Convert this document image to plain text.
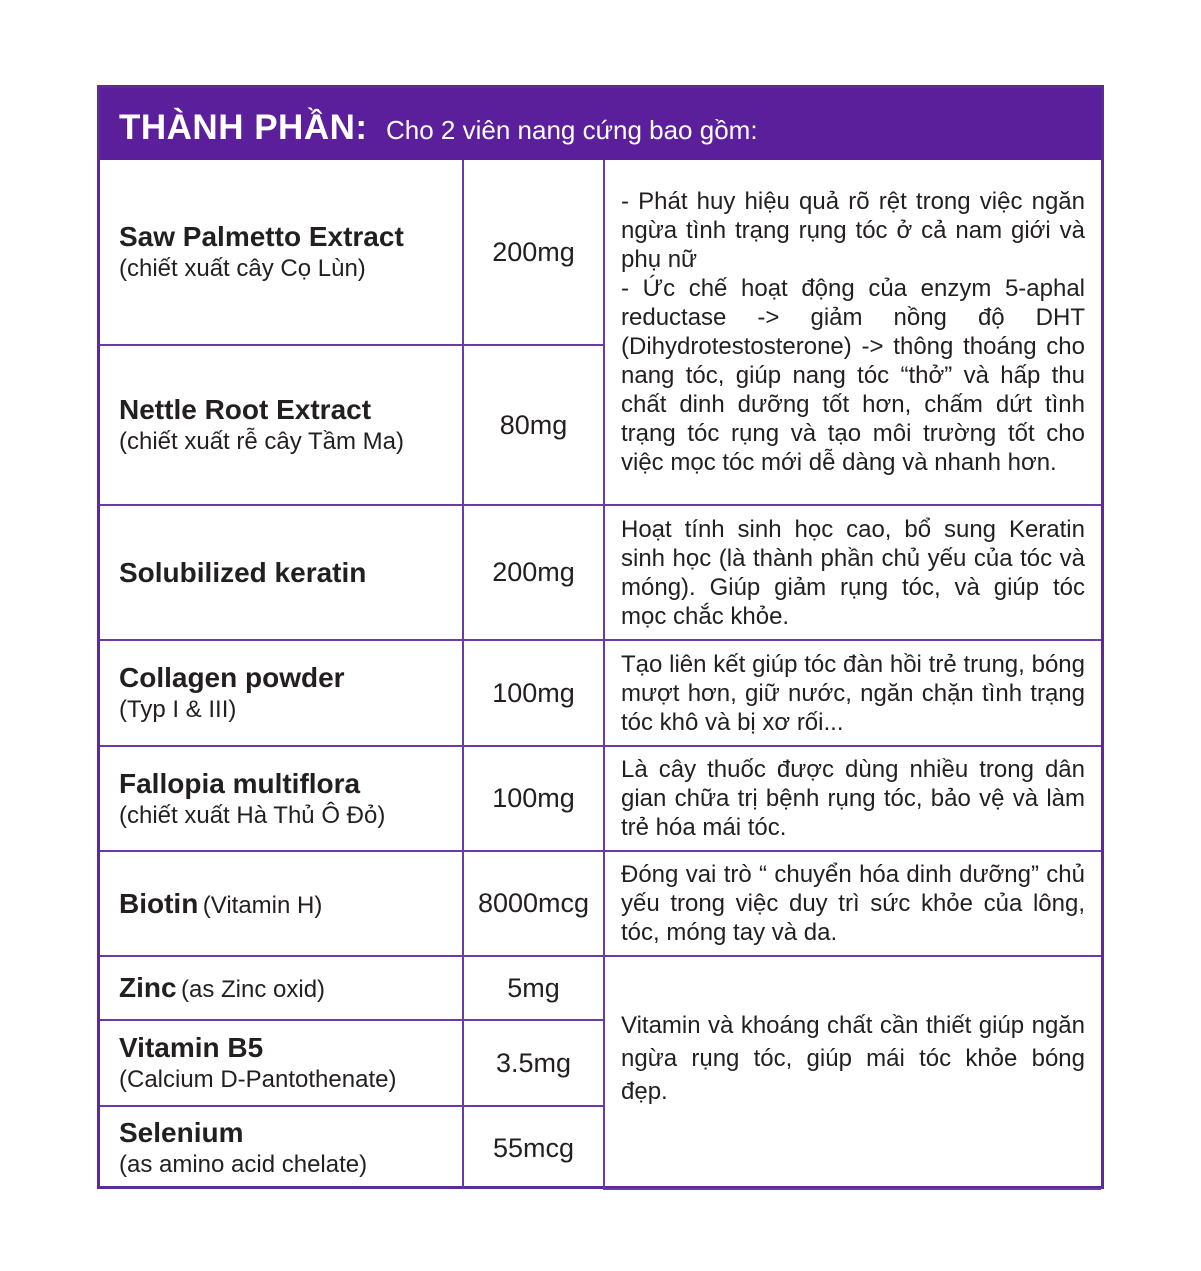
THÀNH PHẦN: Cho 2 viên nang cứng bao gồm:
Saw Palmetto Extract
(chiết xuất cây Cọ Lùn)	200mg	- Phát huy hiệu quả rõ rệt trong việc ngăn ngừa tình trạng rụng tóc ở cả nam giới và phụ nữ
- Ức chế hoạt động của enzym 5-aphal reductase -> giảm nồng độ DHT (Dihydrotestosterone) -> thông thoáng cho nang tóc, giúp nang tóc “thở” và hấp thu chất dinh dưỡng tốt hơn, chấm dứt tình trạng tóc rụng và tạo môi trường tốt cho việc mọc tóc mới dễ dàng và nhanh hơn.

Nettle Root Extract
(chiết xuất rễ cây Tầm Ma)	80mg	

Solubilized keratin	200mg	Hoạt tính sinh học cao, bổ sung Keratin sinh học (là thành phần chủ yếu của tóc và móng). Giúp giảm rụng tóc, và giúp tóc mọc chắc khỏe.

Collagen powder
(Typ I & III)	100mg	Tạo liên kết giúp tóc đàn hồi trẻ trung, bóng mượt hơn, giữ nước, ngăn chặn tình trạng tóc khô và bị xơ rối...

Fallopia multiflora
(chiết xuất Hà Thủ Ô Đỏ)	100mg	Là cây thuốc được dùng nhiều trong dân gian chữa trị bệnh rụng tóc, bảo vệ và làm trẻ hóa mái tóc.
Biotin (Vitamin H)	8000mcg	Đóng vai trò “ chuyển hóa dinh dưỡng” chủ yếu trong việc duy trì sức khỏe của lông, tóc, móng tay và da.
Zinc (as Zinc oxid)	5mg	Vitamin và khoáng chất cần thiết giúp ngăn ngừa rụng tóc, giúp mái tóc khỏe bóng đẹp.

Vitamin B5
(Calcium D-Pantothenate)	3.5mg	

Selenium
(as amino acid chelate)	55mcg	
